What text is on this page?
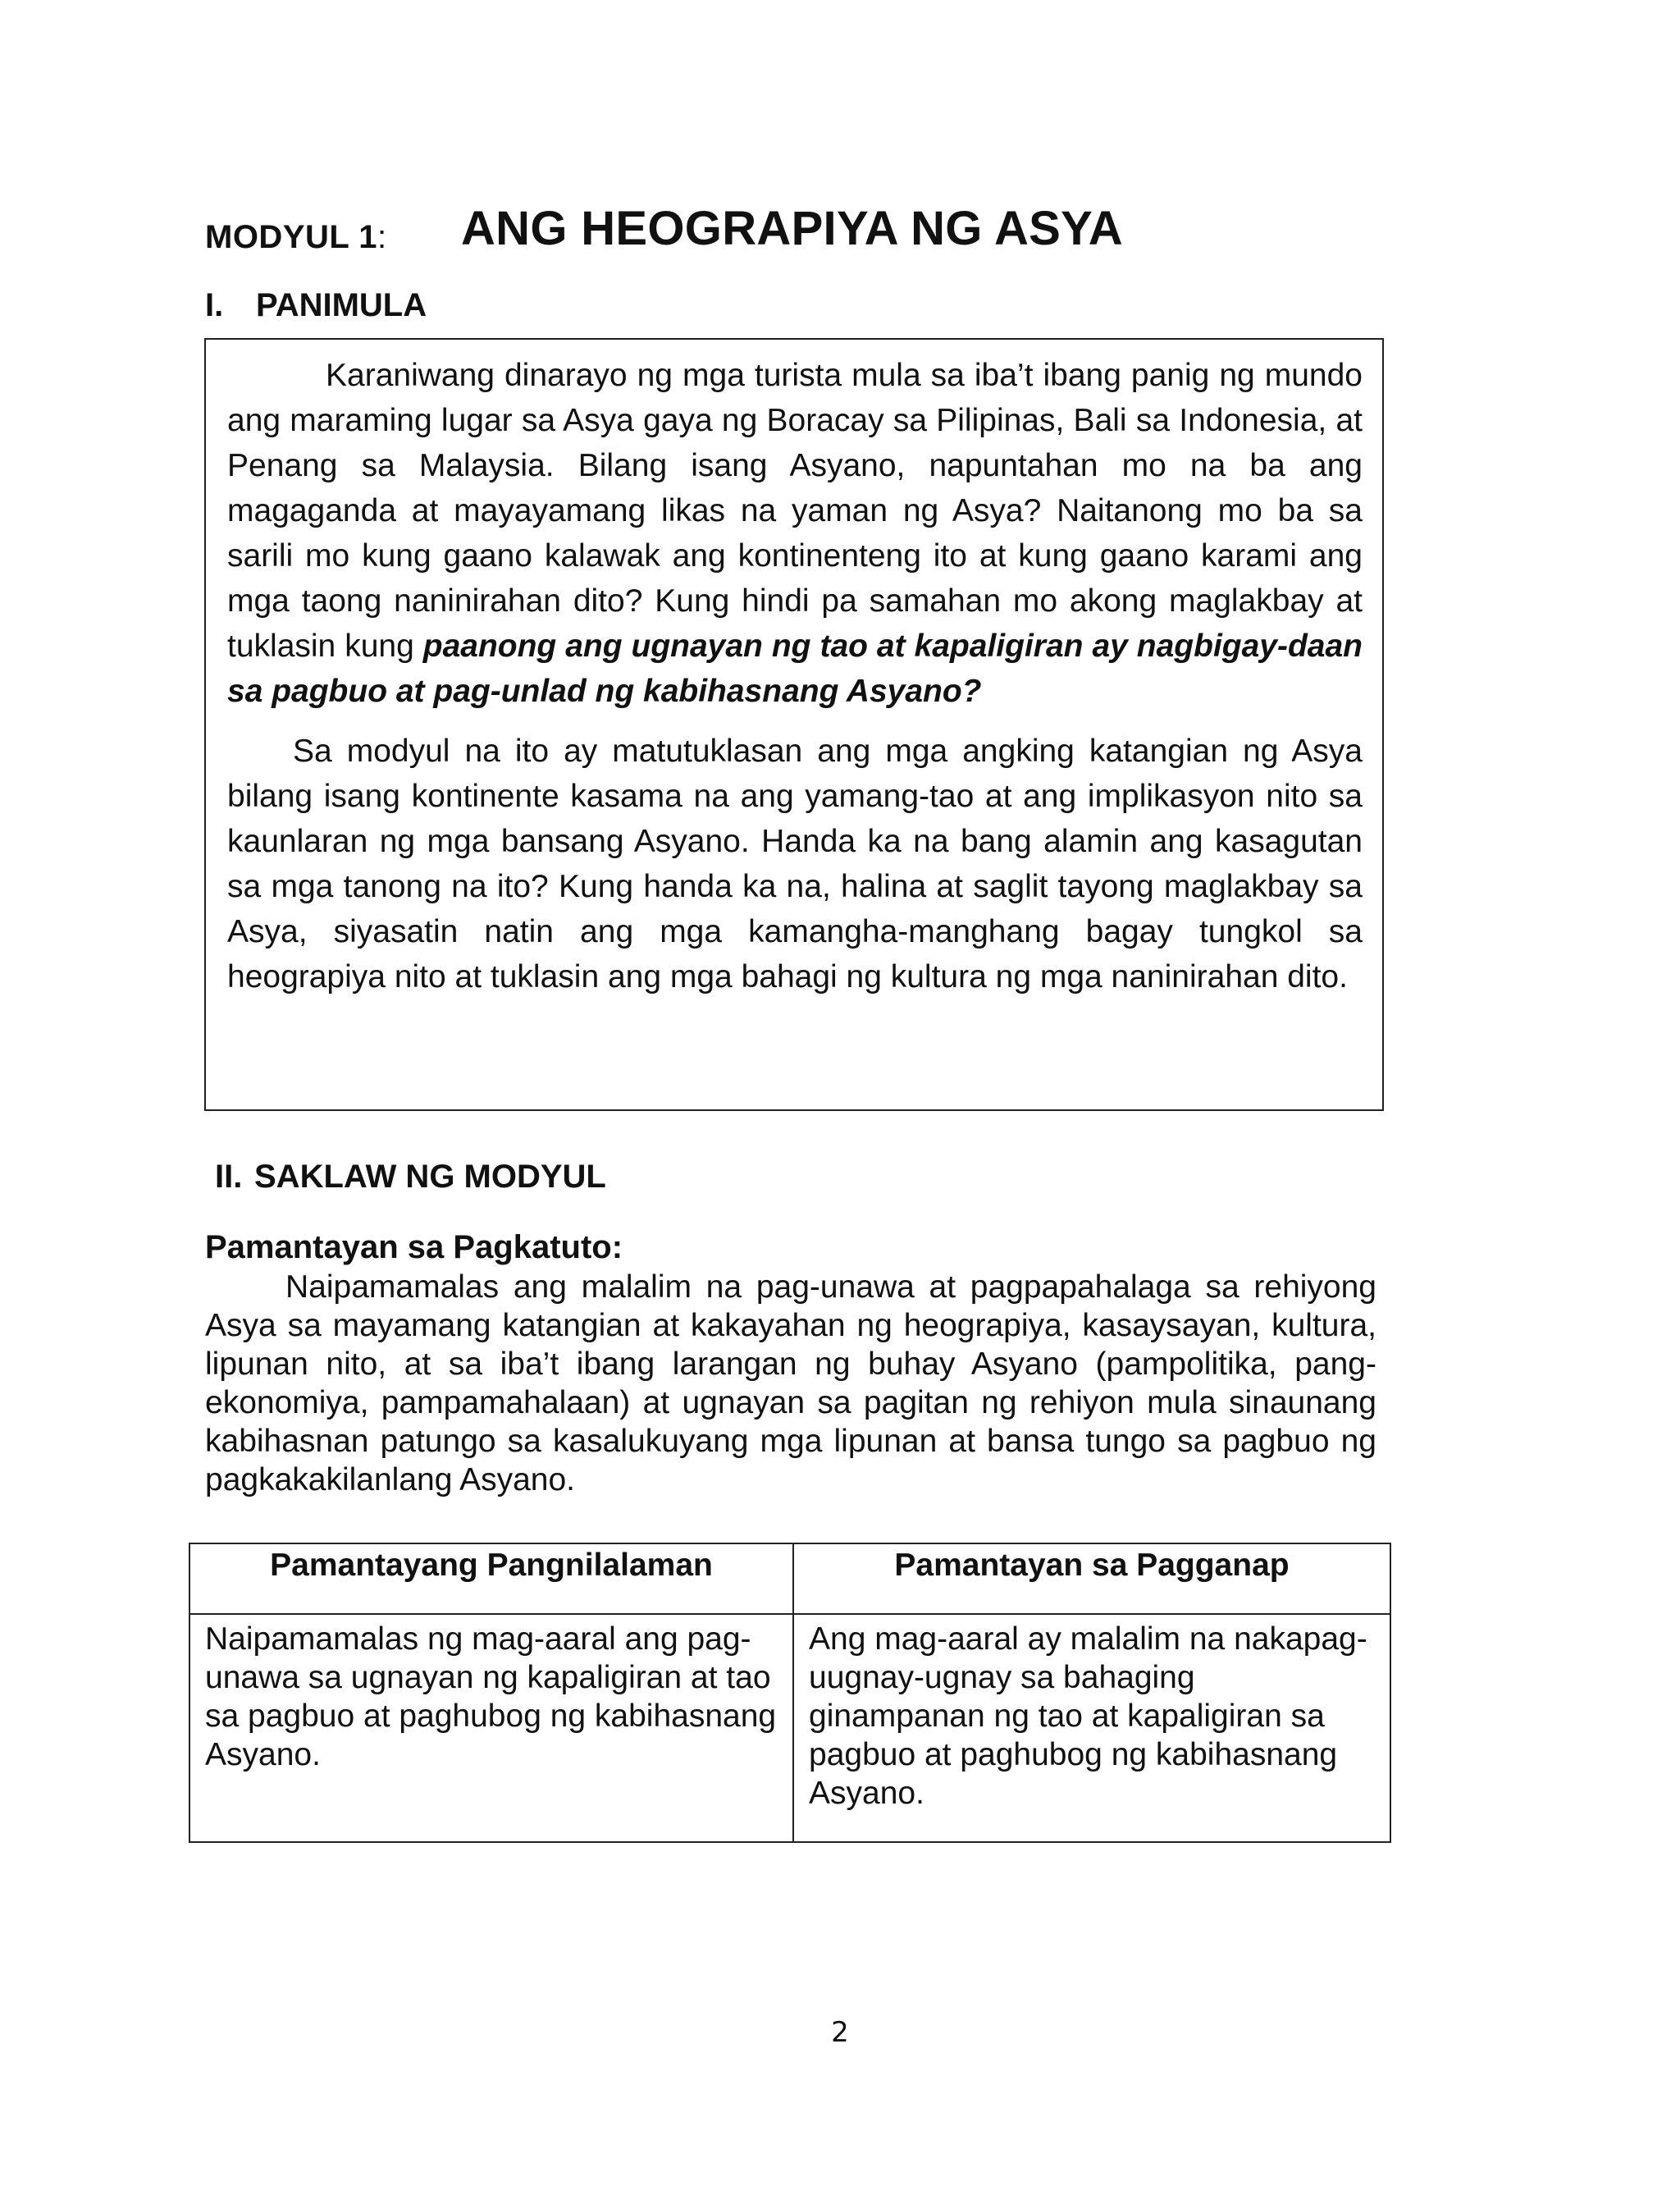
MODYUL 1: ANG HEOGRAPIYA NG ASYA
I. PANIMULA

Karaniwang dinarayo ng mga turista mula sa iba’t ibang panig ng mundo ang maraming lugar sa Asya gaya ng Boracay sa Pilipinas, Bali sa Indonesia, at Penang sa Malaysia. Bilang isang Asyano, napuntahan mo na ba ang magaganda at mayayamang likas na yaman ng Asya? Naitanong mo ba sa sarili mo kung gaano kalawak ang kontinenteng ito at kung gaano karami ang mga taong naninirahan dito? Kung hindi pa samahan mo akong maglakbay at tuklasin kung paanong ang ugnayan ng tao at kapaligiran ay nagbigay-daan sa pagbuo at pag-unlad ng kabihasnang Asyano?

Sa modyul na ito ay matutuklasan ang mga angking katangian ng Asya bilang isang kontinente kasama na ang yamang-tao at ang implikasyon nito sa kaunlaran ng mga bansang Asyano. Handa ka na bang alamin ang kasagutan sa mga tanong na ito? Kung handa ka na, halina at saglit tayong maglakbay sa Asya, siyasatin natin ang mga kamangha-manghang bagay tungkol sa heograpiya nito at tuklasin ang mga bahagi ng kultura ng mga naninirahan dito.

II. SAKLAW NG MODYUL
Pamantayan sa Pagkatuto:

Naipamamalas ang malalim na pag-unawa at pagpapahalaga sa rehiyong Asya sa mayamang katangian at kakayahan ng heograpiya, kasaysayan, kultura, lipunan nito, at sa iba’t ibang larangan ng buhay Asyano (pampolitika, pang-ekonomiya, pampamahalaan) at ugnayan sa pagitan ng rehiyon mula sinaunang kabihasnan patungo sa kasalukuyang mga lipunan at bansa tungo sa pagbuo ng pagkakakilanlang Asyano.

Pamantayang Pangnilalaman	Pamantayan sa Pagganap
Naipamamalas ng mag-aaral ang pag-unawa sa ugnayan ng kapaligiran at tao sa pagbuo at paghubog ng kabihasnang Asyano.	Ang mag-aaral ay malalim na nakapag-uugnay-ugnay sa bahaging ginampanan ng tao at kapaligiran sa pagbuo at paghubog ng kabihasnang Asyano.
2
